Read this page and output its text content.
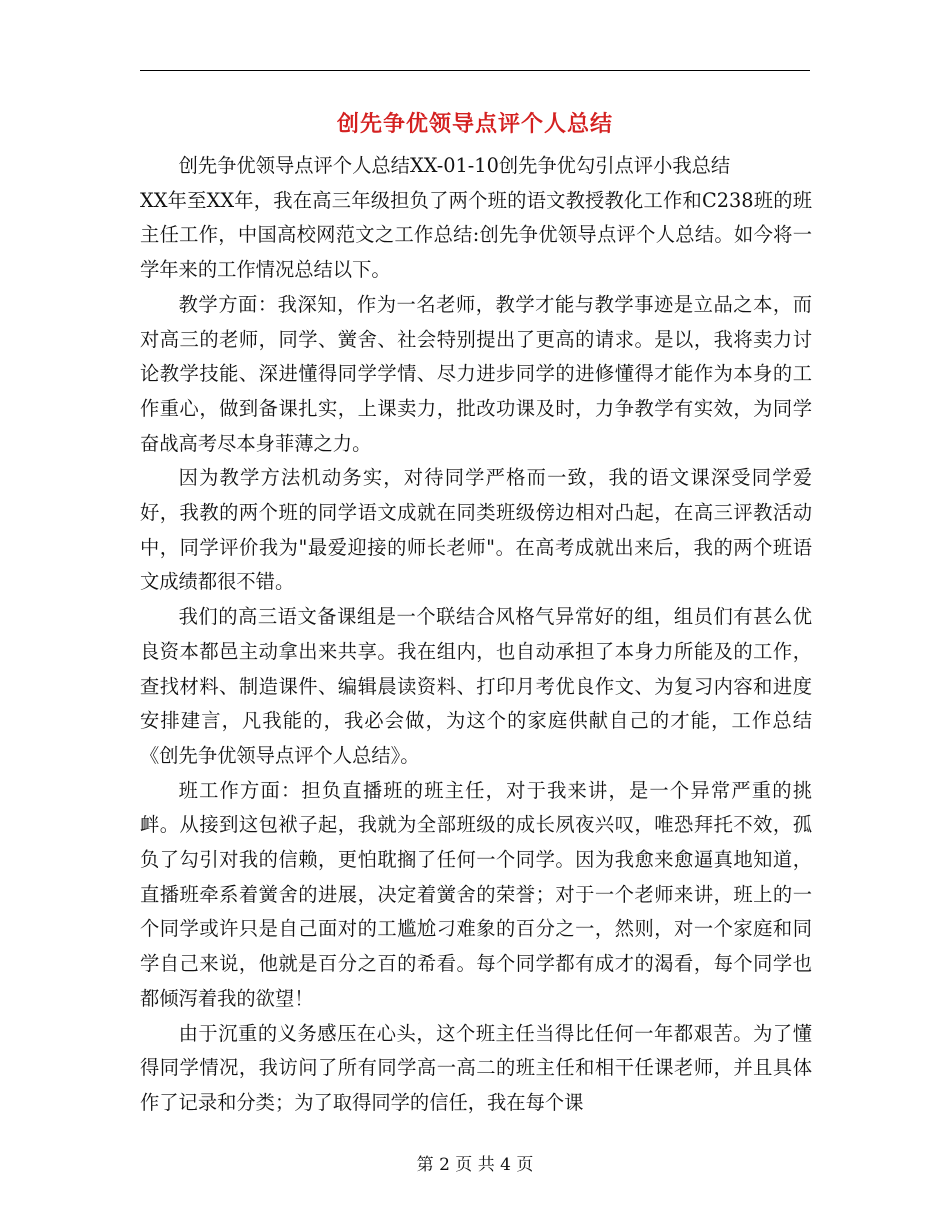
创先争优领导点评个人总结

创先争优领导点评个人总结XX-01-10创先争优勾引点评小我总结
XX年至XX年，我在高三年级担负了两个班的语文教授教化工作和C238班的班主任工作，中国高校网范文之工作总结:创先争优领导点评个人总结。如今将一学年来的工作情况总结以下。

教学方面：我深知，作为一名老师，教学才能与教学事迹是立品之本，而对高三的老师，同学、黉舍、社会特别提出了更高的请求。是以，我将卖力讨论教学技能、深进懂得同学学情、尽力进步同学的进修懂得才能作为本身的工作重心，做到备课扎实，上课卖力，批改功课及时，力争教学有实效，为同学奋战高考尽本身菲薄之力。

因为教学方法机动务实，对待同学严格而一致，我的语文课深受同学爱好，我教的两个班的同学语文成就在同类班级傍边相对凸起，在高三评教活动中，同学评价我为"最爱迎接的师长老师"。在高考成就出来后，我的两个班语文成绩都很不错。

我们的高三语文备课组是一个联结合风格气异常好的组，组员们有甚么优良资本都邑主动拿出来共享。我在组内，也自动承担了本身力所能及的工作，查找材料、制造课件、编辑晨读资料、打印月考优良作文、为复习内容和进度安排建言，凡我能的，我必会做，为这个的家庭供献自己的才能，工作总结《创先争优领导点评个人总结》。

班工作方面：担负直播班的班主任，对于我来讲，是一个异常严重的挑衅。从接到这包袱子起，我就为全部班级的成长夙夜兴叹，唯恐拜托不效，孤负了勾引对我的信赖，更怕耽搁了任何一个同学。因为我愈来愈逼真地知道，直播班牵系着黉舍的进展，决定着黉舍的荣誉；对于一个老师来讲，班上的一个同学或许只是自己面对的工尴尬刁难象的百分之一，然则，对一个家庭和同学自己来说，他就是百分之百的希看。每个同学都有成才的渴看，每个同学也都倾泻着我的欲望！

由于沉重的义务感压在心头，这个班主任当得比任何一年都艰苦。为了懂得同学情况，我访问了所有同学高一高二的班主任和相干任课老师，并且具体作了记录和分类；为了取得同学的信任，我在每个课

第 2 页 共 4 页
